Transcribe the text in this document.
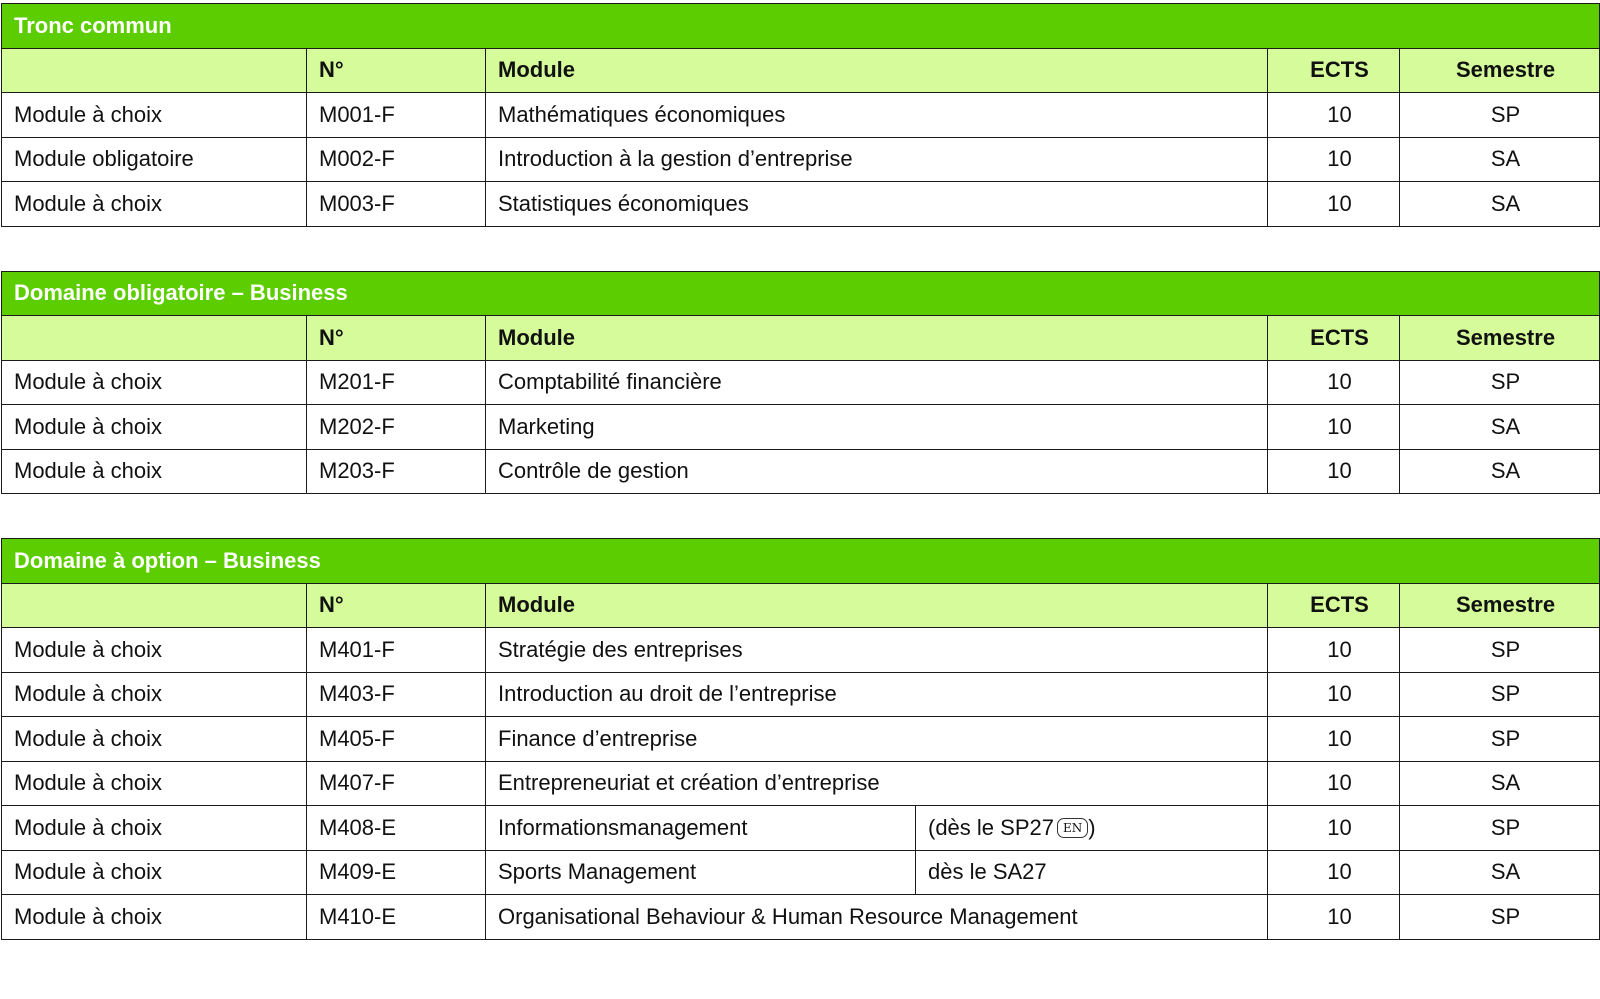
Tronc commun				
	N°	Module	ECTS	Semestre
Module à choix	M001-F	Mathématiques économiques	10	SP
Module obligatoire	M002-F	Introduction à la gestion d’entreprise	10	SA
Module à choix	M003-F	Statistiques économiques	10	SA
Domaine obligatoire – Business				
	N°	Module	ECTS	Semestre
Module à choix	M201-F	Comptabilité financière	10	SP
Module à choix	M202-F	Marketing	10	SA
Module à choix	M203-F	Contrôle de gestion	10	SA
Domaine à option – Business					
	N°	Module		ECTS	Semestre
Module à choix	M401-F	Stratégie des entreprises		10	SP
Module à choix	M403-F	Introduction au droit de l’entreprise		10	SP
Module à choix	M405-F	Finance d’entreprise		10	SP
Module à choix	M407-F	Entrepreneuriat et création d’entreprise		10	SA
Module à choix	M408-E	Informationsmanagement	(dès le SP27 EN )	10	SP
Module à choix	M409-E	Sports Management	dès le SA27	10	SA
Module à choix	M410-E	Organisational Behaviour & Human Resource Management		10	SP
